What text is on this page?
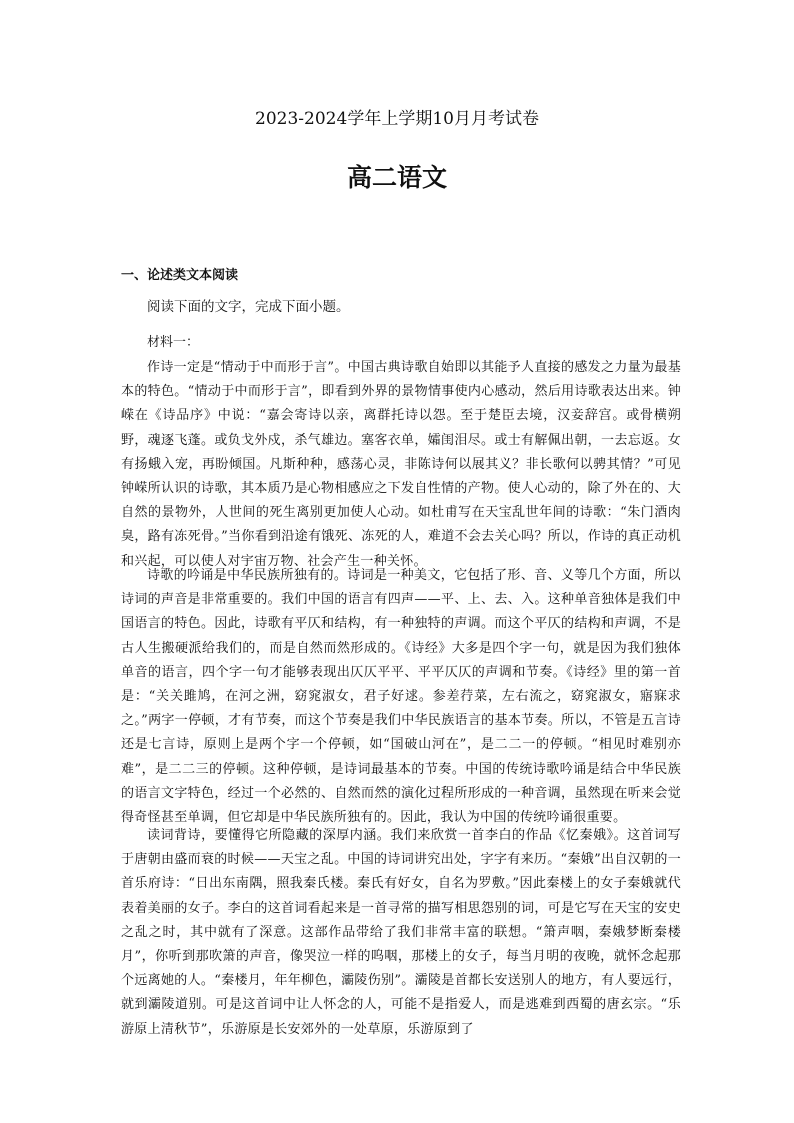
2023-2024学年上学期10月月考试卷
高二语文
一、论述类文本阅读
阅读下面的文字，完成下面小题。
材料一：

作诗一定是“情动于中而形于言”。中国古典诗歌自始即以其能予人直接的感发之力量为最基本的特色。“情动于中而形于言”，即看到外界的景物情事使内心感动，然后用诗歌表达出来。钟嵘在《诗品序》中说：“嘉会寄诗以亲，离群托诗以怨。至于楚臣去境，汉妾辞宫。或骨横朔野，魂逐飞蓬。或负戈外戍，杀气雄边。塞客衣单，孀闺泪尽。或士有解佩出朝，一去忘返。女有扬蛾入宠，再盼倾国。凡斯种种，感荡心灵，非陈诗何以展其义？非长歌何以骋其情？”可见钟嵘所认识的诗歌，其本质乃是心物相感应之下发自性情的产物。使人心动的，除了外在的、大自然的景物外，人世间的死生离别更加使人心动。如杜甫写在天宝乱世年间的诗歌：“朱门酒肉臭，路有冻死骨。”当你看到沿途有饿死、冻死的人，难道不会去关心吗？所以，作诗的真正动机和兴起，可以使人对宇宙万物、社会产生一种关怀。

诗歌的吟诵是中华民族所独有的。诗词是一种美文，它包括了形、音、义等几个方面，所以诗词的声音是非常重要的。我们中国的语言有四声——平、上、去、入。这种单音独体是我们中国语言的特色。因此，诗歌有平仄和结构，有一种独特的声调。而这个平仄的结构和声调，不是古人生搬硬派给我们的，而是自然而然形成的。《诗经》大多是四个字一句，就是因为我们独体单音的语言，四个字一句才能够表现出仄仄平平、平平仄仄的声调和节奏。《诗经》里的第一首是：“关关雎鸠，在河之洲，窈窕淑女，君子好逑。参差荇菜，左右流之，窈窕淑女，寤寐求之。”两字一停顿，才有节奏，而这个节奏是我们中华民族语言的基本节奏。所以，不管是五言诗还是七言诗，原则上是两个字一个停顿，如“国破山河在”，是二二一的停顿。“相见时难别亦难”，是二二三的停顿。这种停顿，是诗词最基本的节奏。中国的传统诗歌吟诵是结合中华民族的语言文字特色，经过一个必然的、自然而然的演化过程所形成的一种音调，虽然现在听来会觉得奇怪甚至单调，但它却是中华民族所独有的。因此，我认为中国的传统吟诵很重要。

读词背诗，要懂得它所隐藏的深厚内涵。我们来欣赏一首李白的作品《忆秦娥》。这首词写于唐朝由盛而衰的时候——天宝之乱。中国的诗词讲究出处，字字有来历。“秦娥”出自汉朝的一首乐府诗：“日出东南隅，照我秦氏楼。秦氏有好女，自名为罗敷。”因此秦楼上的女子秦娥就代表着美丽的女子。李白的这首词看起来是一首寻常的描写相思怨别的词，可是它写在天宝的安史之乱之时，其中就有了深意。这部作品带给了我们非常丰富的联想。“箫声咽，秦娥梦断秦楼月”，你听到那吹箫的声音，像哭泣一样的呜咽，那楼上的女子，每当月明的夜晚，就怀念起那个远离她的人。“秦楼月，年年柳色，灞陵伤别”。灞陵是首都长安送别人的地方，有人要远行，就到灞陵道别。可是这首词中让人怀念的人，可能不是指爱人，而是逃难到西蜀的唐玄宗。“乐游原上清秋节”，乐游原是长安郊外的一处草原，乐游原到了
